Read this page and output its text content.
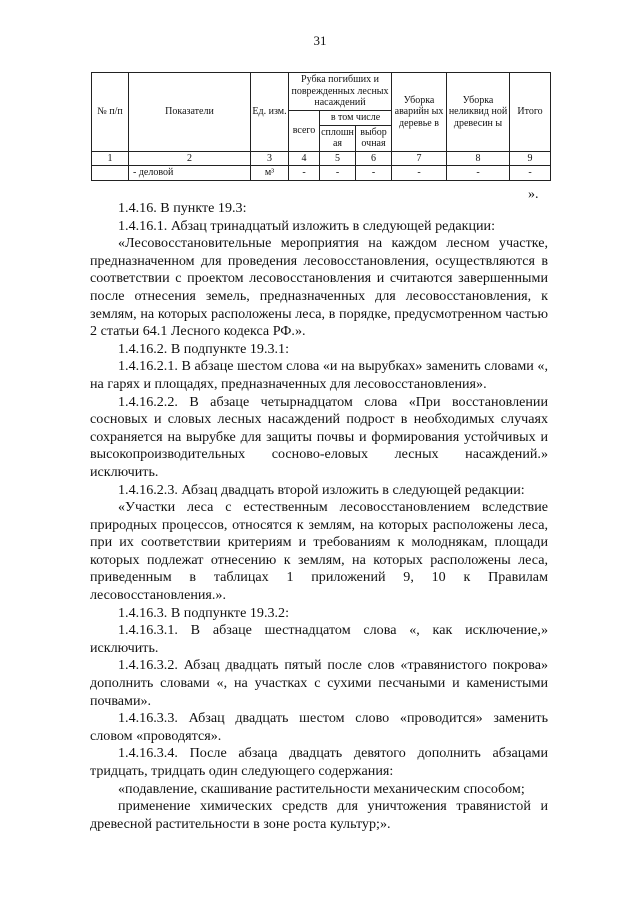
31
№ п/п	Показатели	Ед. изм.	Рубка погибших и поврежденных лесных насаждений			Уборка аварийн ых деревье в	Уборка неликвид ной древесин ы	Итого
			всего	в том числе				
				сплошн ая	выбор очная			
1	2	3	4	5	6	7	8	9
	- деловой	м³	-	-	-	-	-	-
».

1.4.16. В пункте 19.3:

1.4.16.1. Абзац тринадцатый изложить в следующей редакции:

«Лесовосстановительные мероприятия на каждом лесном участке, предназначенном для проведения лесовосстановления, осуществляются в соответствии с проектом лесовосстановления и считаются завершенными после отнесения земель, предназначенных для лесовосстановления, к землям, на которых расположены леса, в порядке, предусмотренном частью 2 статьи 64.1 Лесного кодекса РФ.».

1.4.16.2. В подпункте 19.3.1:

1.4.16.2.1. В абзаце шестом слова «и на вырубках» заменить словами «, на гарях и площадях, предназначенных для лесовосстановления».

1.4.16.2.2. В абзаце четырнадцатом слова «При восстановлении сосновых и словых лесных насаждений подрост в необходимых случаях сохраняется на вырубке для защиты почвы и формирования устойчивых и высокопроизводительных сосново-еловых лесных насаждений.» исключить.

1.4.16.2.3. Абзац двадцать второй изложить в следующей редакции:

«Участки леса с естественным лесовосстановлением вследствие природных процессов, относятся к землям, на которых расположены леса, при их соответствии критериям и требованиям к молоднякам, площади которых подлежат отнесению к землям, на которых расположены леса, приведенным в таблицах 1 приложений 9, 10 к Правилам лесовосстановления.».

1.4.16.3. В подпункте 19.3.2:

1.4.16.3.1. В абзаце шестнадцатом слова «, как исключение,» исключить.

1.4.16.3.2. Абзац двадцать пятый после слов «травянистого покрова» дополнить словами «, на участках с сухими песчаными и каменистыми почвами».

1.4.16.3.3. Абзац двадцать шестом слово «проводится» заменить словом «проводятся».

1.4.16.3.4. После абзаца двадцать девятого дополнить абзацами тридцать, тридцать один следующего содержания:

«подавление, скашивание растительности механическим способом;

применение химических средств для уничтожения травянистой и древесной растительности в зоне роста культур;».
